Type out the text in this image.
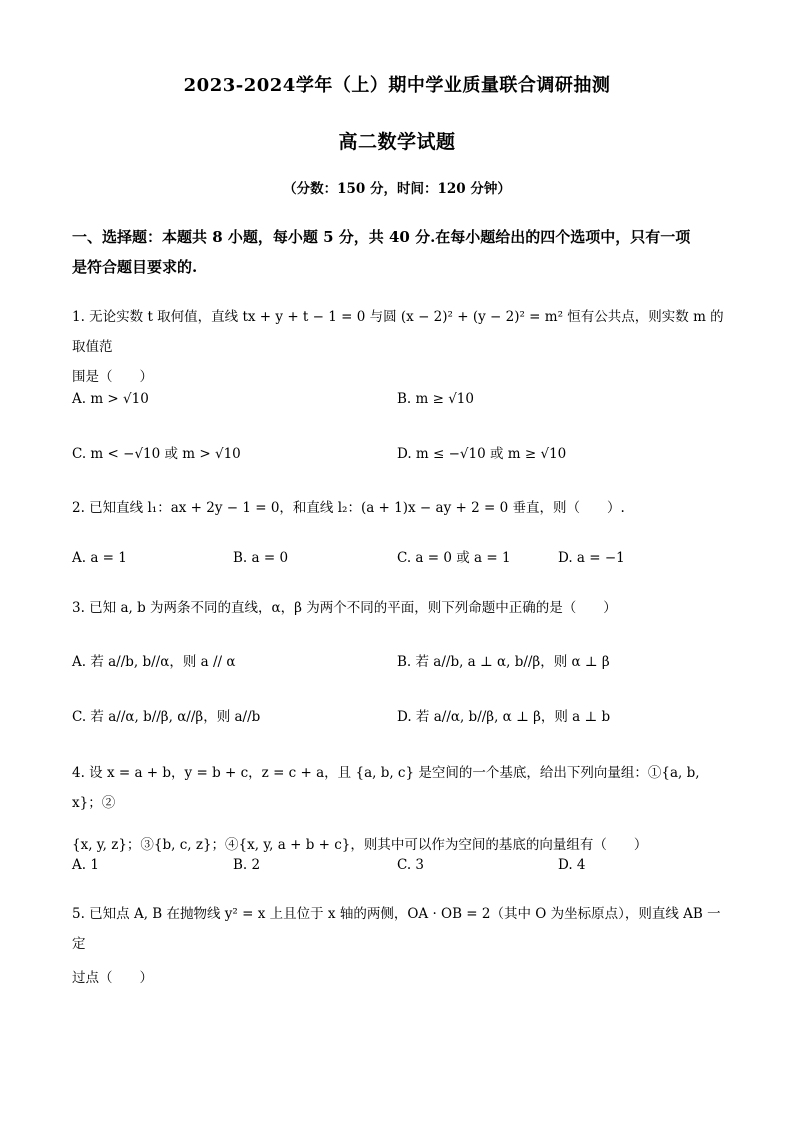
2023-2024学年（上）期中学业质量联合调研抽测
高二数学试题
（分数：150 分，时间：120 分钟）
一、选择题：本题共 8 小题，每小题 5 分，共 40 分.在每小题给出的四个选项中，只有一项
是符合题目要求的.
1. 无论实数 t 取何值，直线 tx + y + t − 1 = 0 与圆 (x − 2)² + (y − 2)² = m² 恒有公共点，则实数 m 的取值范
围是（　　）
A. m > √10	B. m ≥ √10
C. m < −√10 或 m > √10	D. m ≤ −√10 或 m ≥ √10
2. 已知直线 l₁：ax + 2y − 1 = 0，和直线 l₂：(a + 1)x − ay + 2 = 0 垂直，则（　　）.
A. a = 1	B. a = 0	C. a = 0 或 a = 1	D. a = −1
3. 已知 a, b 为两条不同的直线，α，β 为两个不同的平面，则下列命题中正确的是（　　）
A. 若 a//b, b//α，则 a // α	B. 若 a//b, a ⊥ α, b//β，则 α ⊥ β
C. 若 a//α, b//β, α//β，则 a//b	D. 若 a//α, b//β, α ⊥ β，则 a ⊥ b
4. 设 x = a + b，y = b + c，z = c + a，且 {a, b, c} 是空间的一个基底，给出下列向量组：①{a, b, x}；②
{x, y, z}；③{b, c, z}；④{x, y, a + b + c}，则其中可以作为空间的基底的向量组有（　　）
A. 1	B. 2	C. 3	D. 4
5. 已知点 A, B 在抛物线 y² = x 上且位于 x 轴的两侧，OA · OB = 2（其中 O 为坐标原点），则直线 AB 一定
过点（　　）
